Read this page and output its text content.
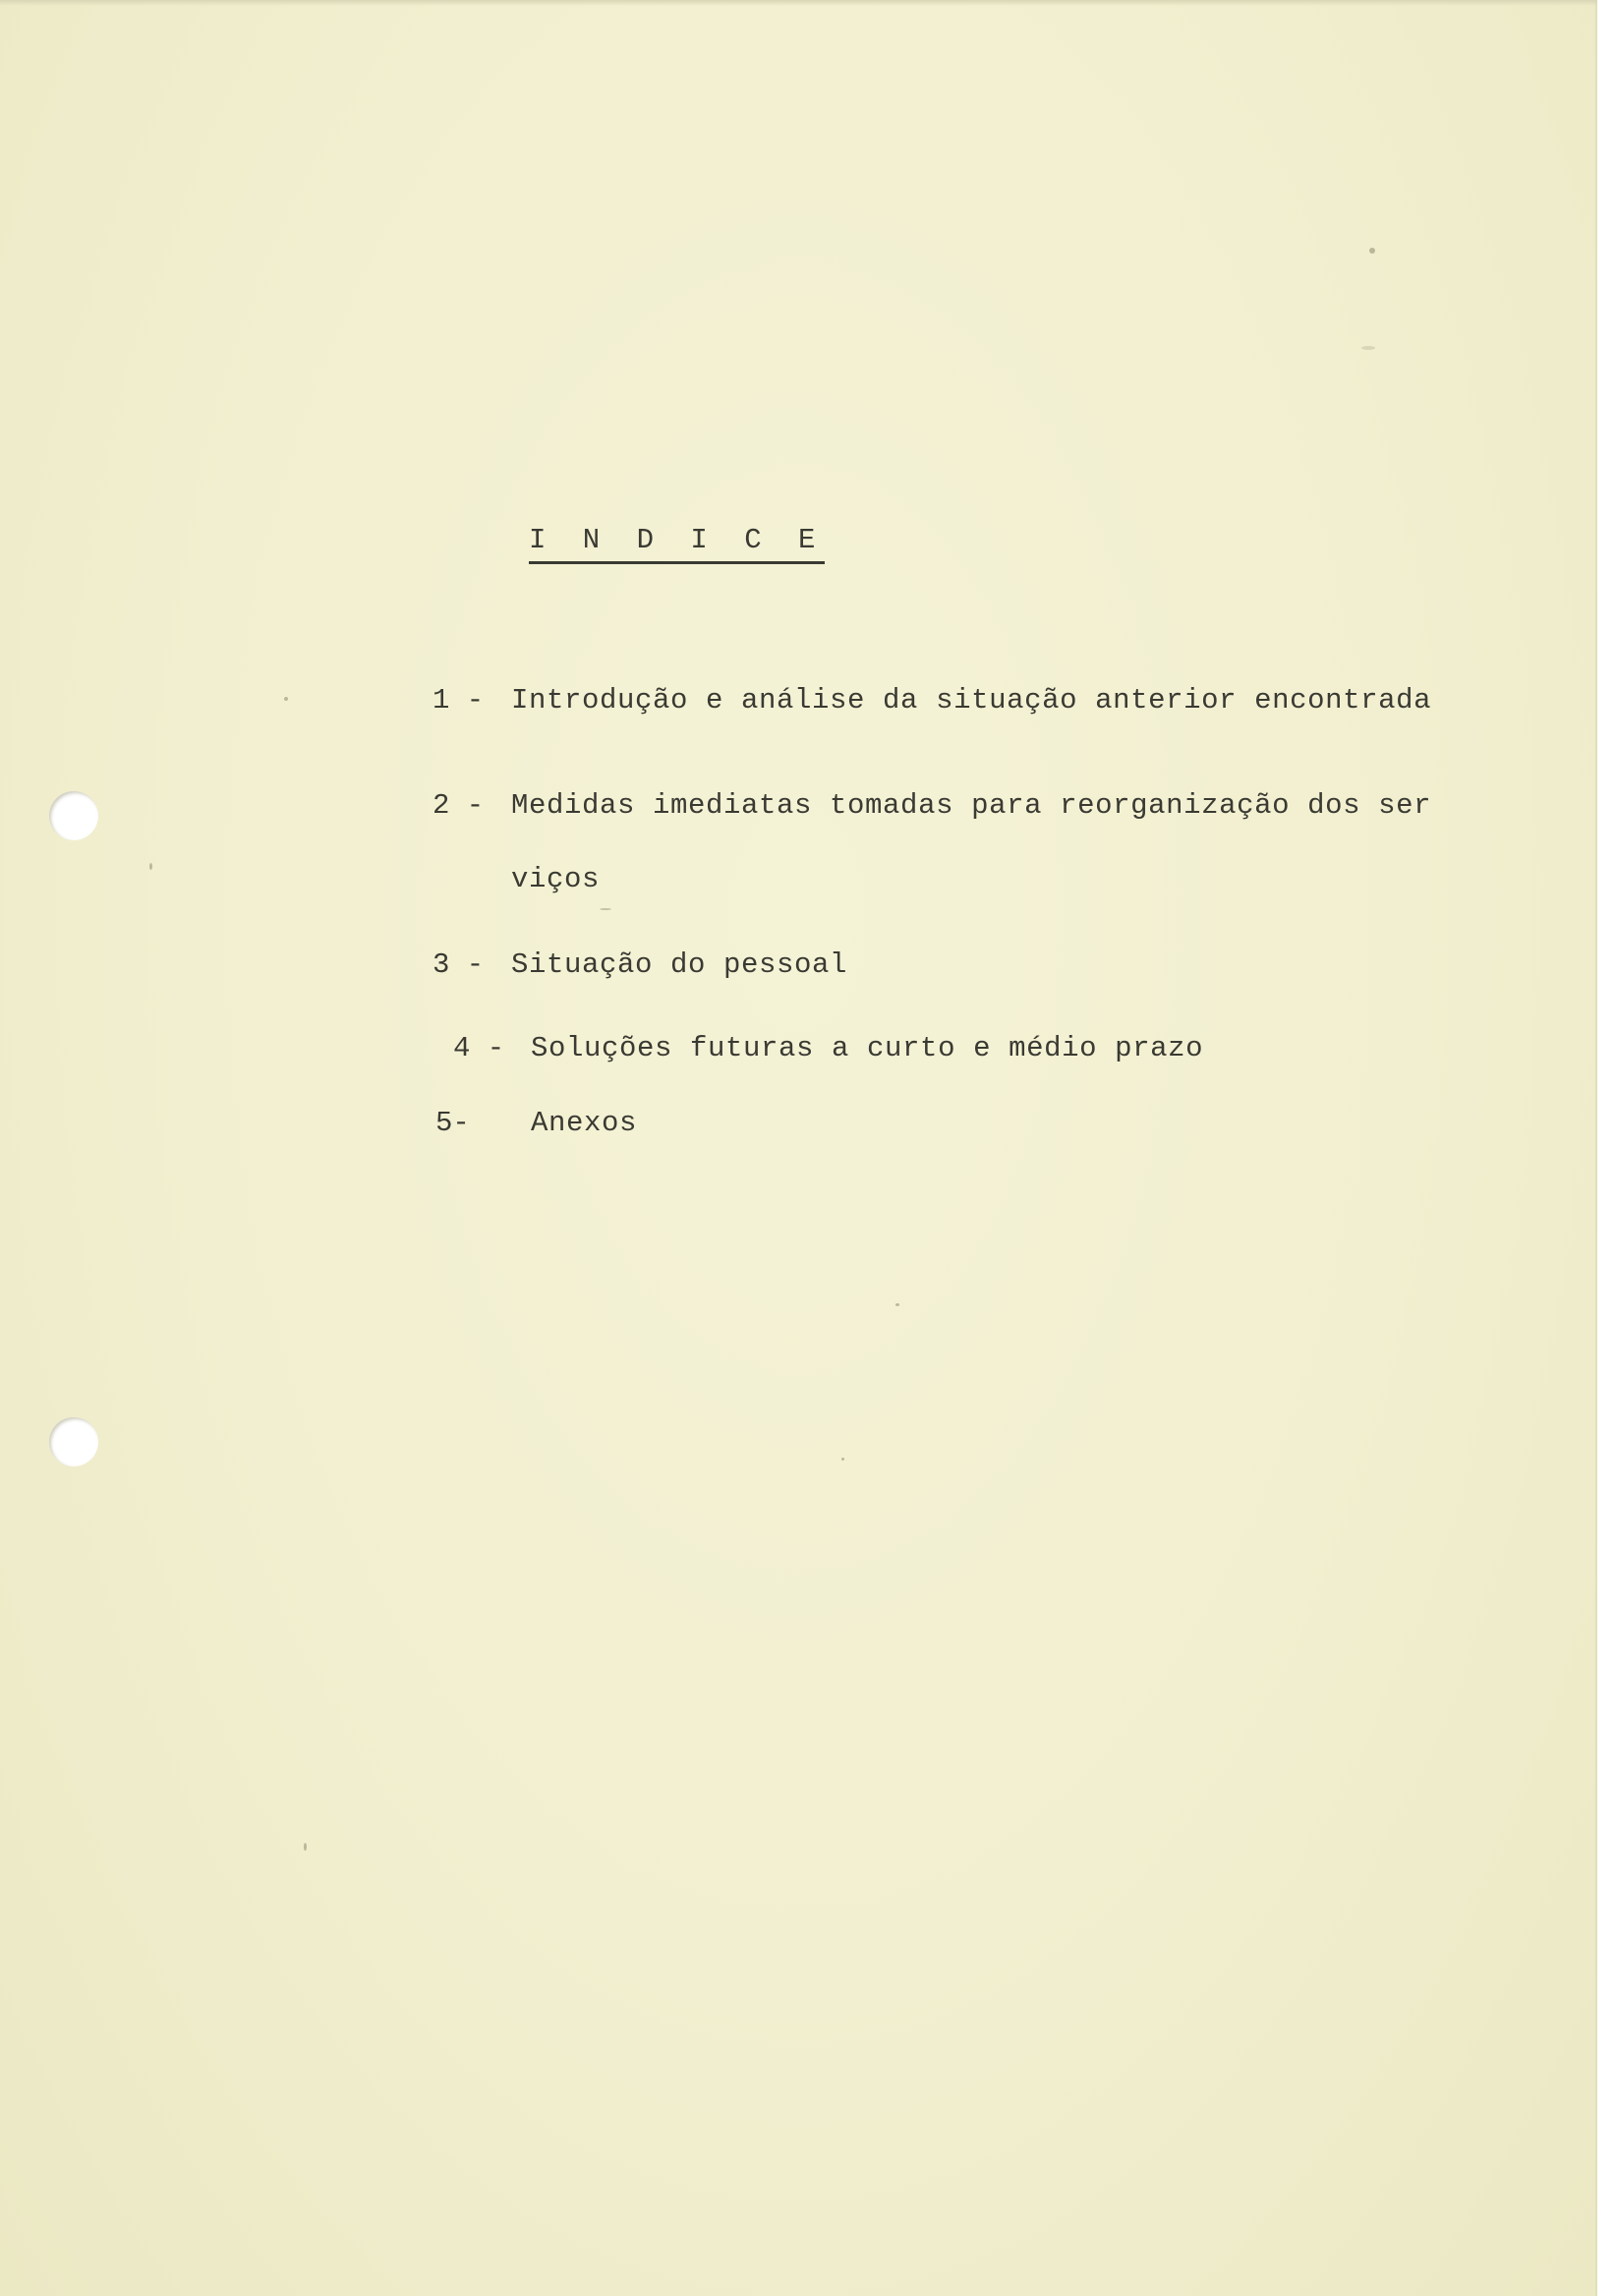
I N D I C E
1 - Introdução e análise da situação anterior encontrada
2 - Medidas imediatas tomadas para reorganização dos ser
viços
3 - Situação do pessoal
4 - Soluções futuras a curto e médio prazo
5- Anexos
